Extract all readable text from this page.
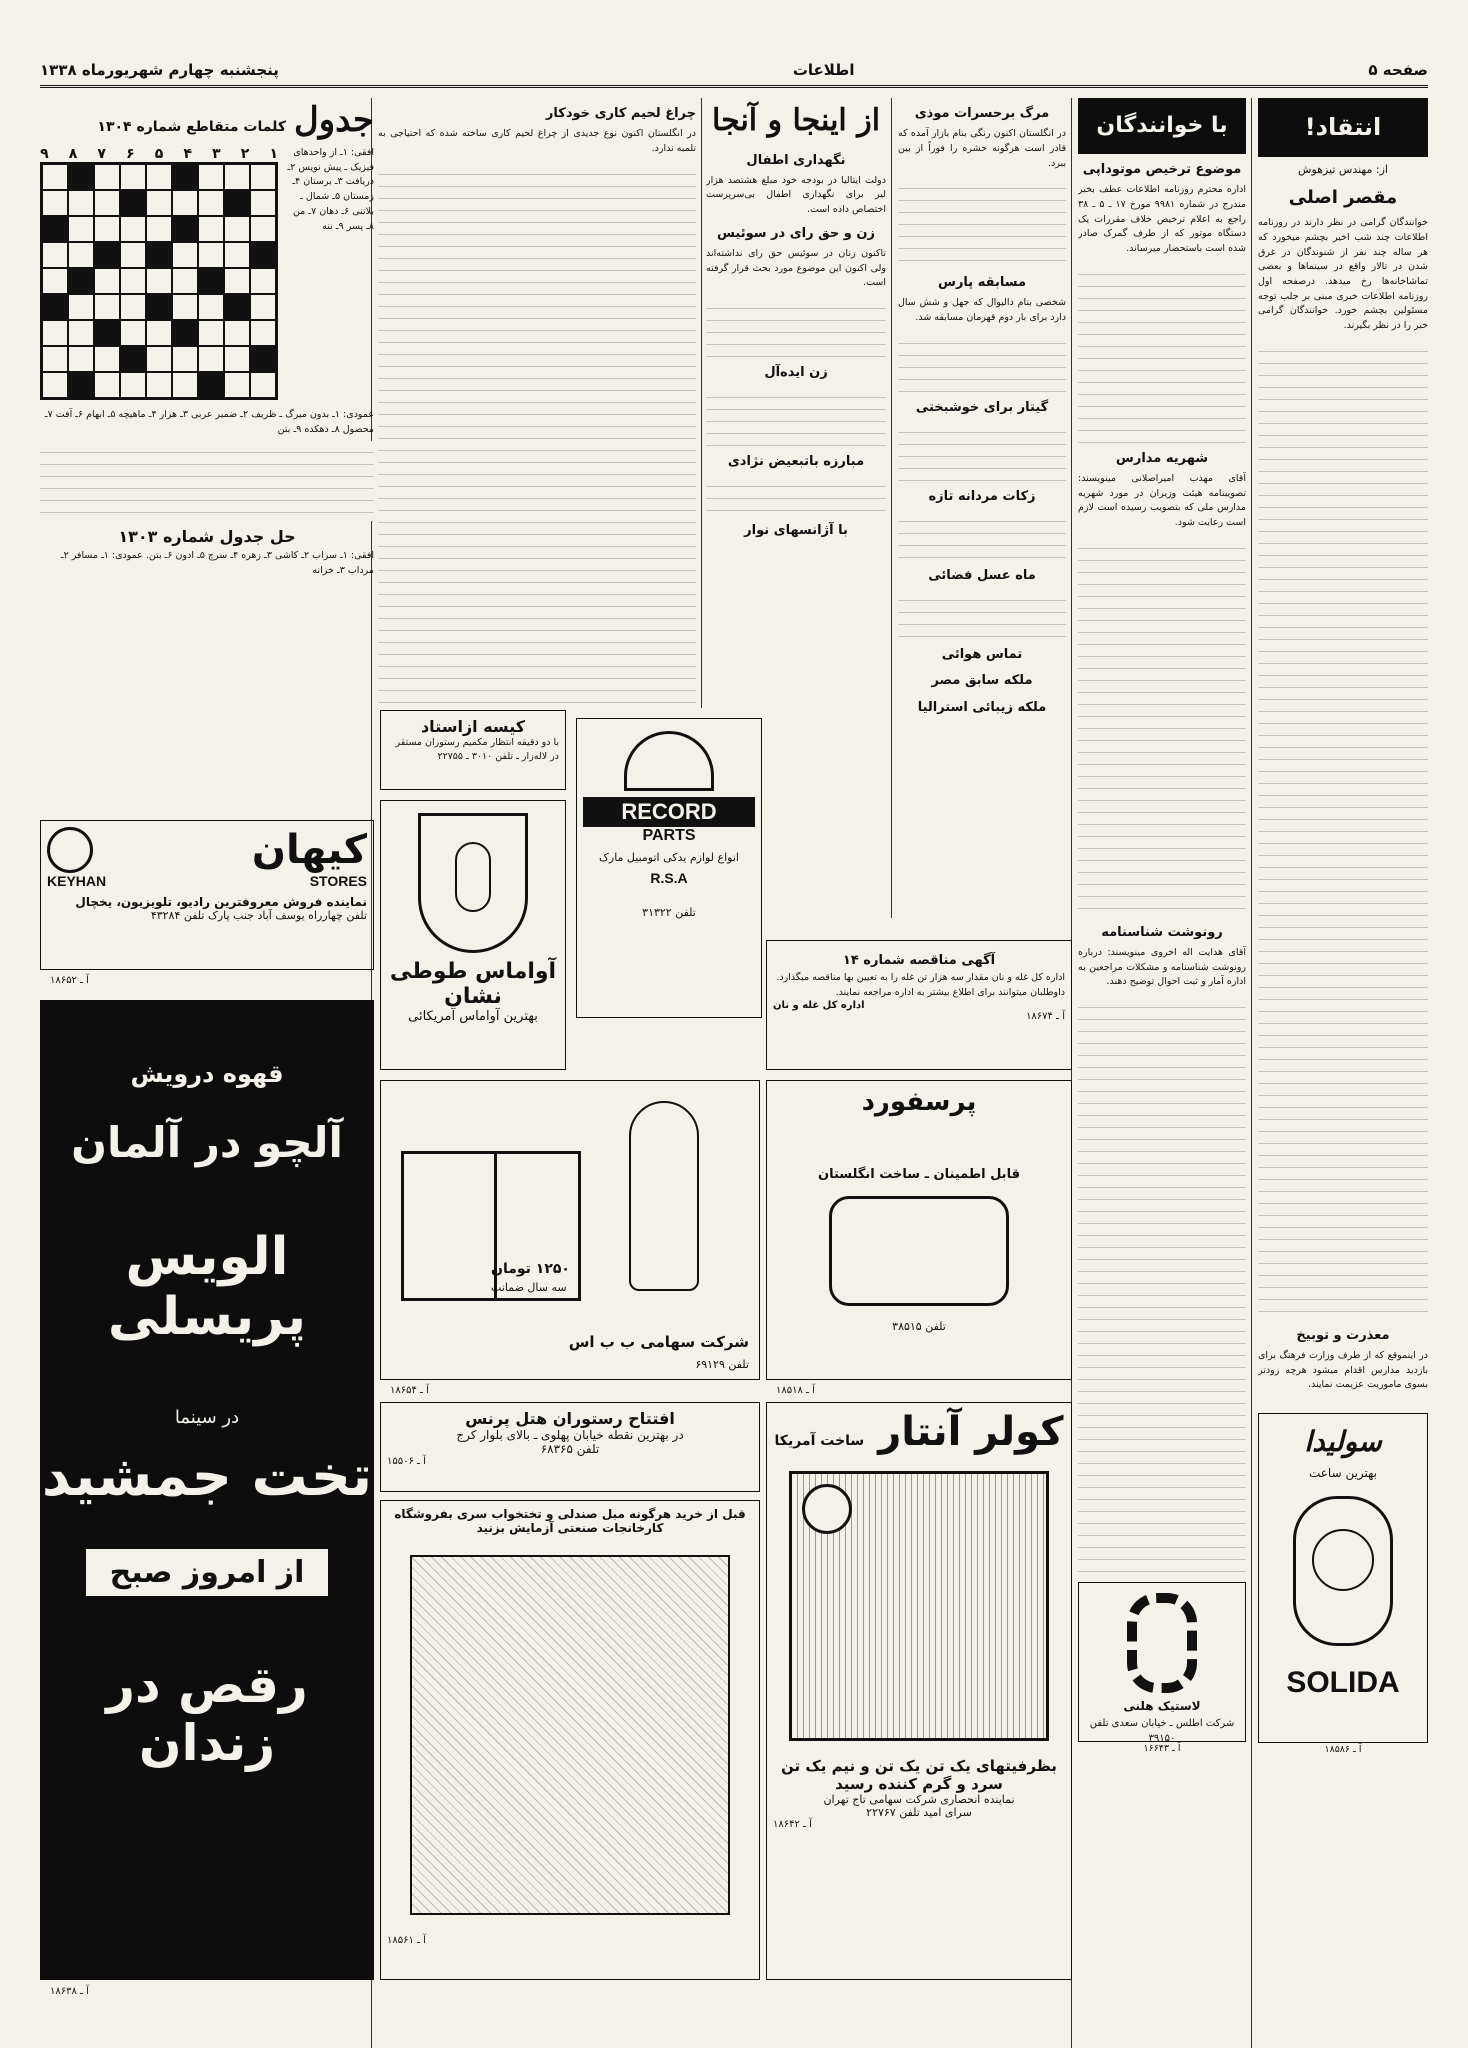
صفحه ۵
اطلاعات
پنجشنبه چهارم شهریورماه ۱۳۳۸
انتقاد!
از: مهندس تیزهوش
مقصر اصلی
خوانندگان گرامی در نظر دارند در روزنامه اطلاعات چند شب اخیر بچشم میخورد که هر ساله چند نفر از شنوندگان در غرق شدن در تالار واقع در سینماها و بعضی تماشاخانه‌ها رخ میدهد. درصفحه اول روزنامه اطلاعات خبری مبنی بر جلب توجه مسئولین بچشم خورد. خوانندگان گرامی خبر را در نظر بگیرند.
معذرت و توبیخ
در اینموقع که از طرف وزارت فرهنگ برای بازدید مدارس اقدام میشود هرچه زودتر بسوی ماموریت عزیمت نمایند.
سولیدا
بهترین ساعت
SOLIDA
آ ـ ۱۸۵۸۶
با خوانندگان
موضوع ترخیص موتوداپی
اداره محترم روزنامه اطلاعات عطف بخبر مندرج در شماره ۹۹۸۱ مورخ ۱۷ ـ ۵ ـ ۳۸ راجع به اعلام ترخیص خلاف مقررات یک دستگاه موتور که از طرف گمرک صادر شده است باستحضار میرساند.
شهریه مدارس
آقای مهذب امیراصلانی مینویسند: تصویبنامه هیئت وزیران در مورد شهریه مدارس ملی که بتصویب رسیده است لازم است رعایت شود.
رونوشت شناسنامه
آقای هدایت اله اخروی مینویسند: درباره رونوشت شناسنامه و مشکلات مراجعین به اداره آمار و ثبت احوال توضیح دهند.
لاستیک هلنی
شرکت اطلس ـ خیابان سعدی تلفن ۳۹۱۵۰
آ ـ ۱۶۶۴۳
مرگ برحسرات موذی
در انگلستان اکنون رنگی بنام بازار آمده که قادر است هرگونه حشره را فوراً از بین ببرد.
مسابقه پارس
شخصی بنام دالیوال که جهل و شش سال دارد برای بار دوم قهرمان مسابقه شد.
گیتار برای خوشبختی
زکات مردانه تازه
ماه عسل فضائی
تماس هوائی
ملکه سابق مصر
ملکه زیبائی استرالیا
از اینجا و آنجا
نگهداری اطفال
دولت ایتالیا در بودجه خود مبلغ هشتصد هزار لیر برای نگهداری اطفال بی‌سرپرست اختصاص داده است.
زن و حق رای در سوئیس
تاکنون زنان در سوئیس حق رای نداشته‌اند ولی اکنون این موضوع مورد بحث قرار گرفته است.
زن ایده‌آل
مبارزه باتبعیض نژادی
با آژانسهای نوار
چراغ لحیم کاری خودکار
در انگلستان اکنون نوع جدیدی از چراغ لحیم کاری ساخته شده که احتیاجی به تلمبه ندارد.
جدول
کلمات متقاطع شماره ۱۳۰۴
افقی: ۱ـ از واحدهای فیزیک ـ پیش نویس ۲ـ دریافت ۳ـ برستان ۴ـ زمستان ۵ـ شمال ـ بلاتنی ۶ـ دهان ۷ـ من ۸ـ پسر ۹ـ ننه
۱
۲
۳
۴
۵
۶
۷
۸
۹
عمودی: ۱ـ بدون میرگ ـ ظریف ۲ـ ضمیر عربی ۳ـ هزار ۴ـ ماهیچه ۵ـ ابهام ۶ـ آفت ۷ـ محصول ۸ـ دهکده ۹ـ بتن
حل جدول شماره ۱۳۰۳
افقی: ۱ـ سراب ۲ـ کاشی ۳ـ زهره ۴ـ سرچ ۵ـ ادون ۶ـ بتن. عمودی: ۱ـ مسافر ۲ـ مرداب ۳ـ خزانه
کیهان
KEYHAN	STORES
نماینده فروش معروفترین رادیو، تلویزیون، یخچال
تلفن چهارراه یوسف آباد جنب پارک تلفن ۴۳۲۸۴
آ ـ ۱۸۶۵۲
قهوه درویش
آلچو در آلمان
الویس پریسلی
در سینما
تخت جمشید
از امروز صبح
رقص در زندان
آ ـ ۱۸۶۳۸
کیسه ازاستاد
با دو دقیقه انتظار مکمیم رستوران مستقر در لاله‌زار ـ تلفن ۳۰۱۰ ـ ۲۲۷۵۵
آواماس طوطی نشان
بهترین آواماس آمریکائی
RECORD
PARTS
انواع لوازم یدکی اتومبیل مارک
R.S.A
تلفن ۳۱۳۲۲
۱۲۵۰ تومان
سه سال ضمانت
شرکت سهامی ب ب اس
تلفن ۶۹۱۲۹
آ ـ ۱۸۶۵۴
افتتاح رستوران هتل پرنس
در بهترین نقطه خیابان پهلوی ـ بالای بلوار کرج
تلفن ۶۸۳۶۵
آ ـ ۱۵۵۰۶
قبل از خرید هرگونه مبل صندلی و تختخواب سری بفروشگاه کارخانجات صنعتی آزمایش بزنید
آ ـ ۱۸۵۶۱
آگهی مناقصه شماره ۱۴
اداره کل غله و نان مقدار سه هزار تن غله را به تعیین بها مناقصه میگذارد. داوطلبان میتوانند برای اطلاع بیشتر به اداره مراجعه نمایند.
اداره کل غله و نان
آ ـ ۱۸۶۷۴
پرسفورد
قابل اطمینان ـ ساخت انگلستان
تلفن ۳۸۵۱۵
آ ـ ۱۸۵۱۸
کولر آنتار
ساخت آمریکا
بظرفیتهای یک تن یک تن و نیم یک تن
سرد و گرم کننده رسید
نماینده انحصاری شرکت سهامی تاج تهران
سرای امید تلفن ۲۲۷۶۷
آ ـ ۱۸۶۴۲
